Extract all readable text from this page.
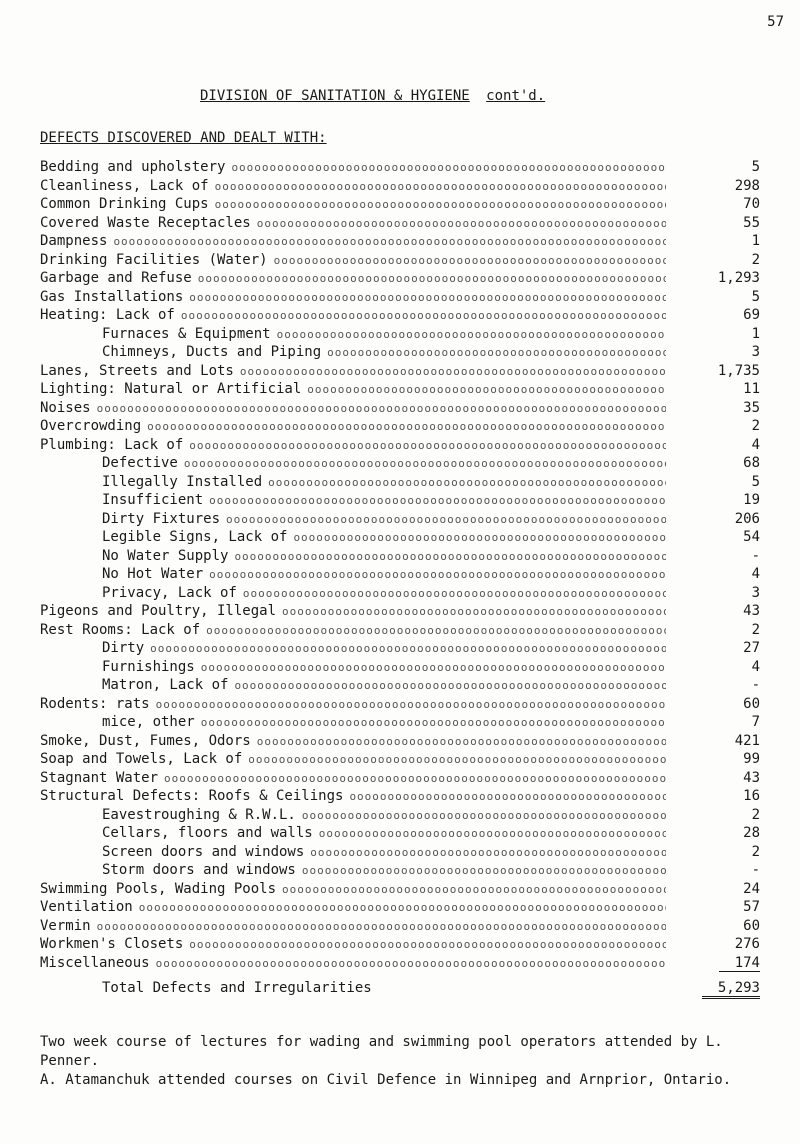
57
DIVISION OF SANITATION & HYGIENE cont'd.
DEFECTS DISCOVERED AND DEALT WITH:
Bedding and upholstery oooooooooooooooooooooooooooooooooooooooooooooooooooooooooooooooooooooooooooooooooooooooooooooooooooooooooooooooooooooo	5
Cleanliness, Lack of oooooooooooooooooooooooooooooooooooooooooooooooooooooooooooooooooooooooooooooooooooooooooooooooooooooooooooooooooooooo	298
Common Drinking Cups oooooooooooooooooooooooooooooooooooooooooooooooooooooooooooooooooooooooooooooooooooooooooooooooooooooooooooooooooooooo	70
Covered Waste Receptacles oooooooooooooooooooooooooooooooooooooooooooooooooooooooooooooooooooooooooooooooooooooooooooooooooooooooooooooooooooooo	55
Dampness oooooooooooooooooooooooooooooooooooooooooooooooooooooooooooooooooooooooooooooooooooooooooooooooooooooooooooooooooooooo	1
Drinking Facilities (Water) oooooooooooooooooooooooooooooooooooooooooooooooooooooooooooooooooooooooooooooooooooooooooooooooooooooooooooooooooooooo	2
Garbage and Refuse oooooooooooooooooooooooooooooooooooooooooooooooooooooooooooooooooooooooooooooooooooooooooooooooooooooooooooooooooooooo	1,293
Gas Installations oooooooooooooooooooooooooooooooooooooooooooooooooooooooooooooooooooooooooooooooooooooooooooooooooooooooooooooooooooooo	5
Heating: Lack of oooooooooooooooooooooooooooooooooooooooooooooooooooooooooooooooooooooooooooooooooooooooooooooooooooooooooooooooooooooo	69
Furnaces & Equipment oooooooooooooooooooooooooooooooooooooooooooooooooooooooooooooooooooooooooooooooooooooooooooooooooooooooooooooooooooooo	1
Chimneys, Ducts and Piping oooooooooooooooooooooooooooooooooooooooooooooooooooooooooooooooooooooooooooooooooooooooooooooooooooooooooooooooooooooo	3
Lanes, Streets and Lots oooooooooooooooooooooooooooooooooooooooooooooooooooooooooooooooooooooooooooooooooooooooooooooooooooooooooooooooooooooo	1,735
Lighting: Natural or Artificial oooooooooooooooooooooooooooooooooooooooooooooooooooooooooooooooooooooooooooooooooooooooooooooooooooooooooooooooooooooo	11
Noises oooooooooooooooooooooooooooooooooooooooooooooooooooooooooooooooooooooooooooooooooooooooooooooooooooooooooooooooooooooo	35
Overcrowding oooooooooooooooooooooooooooooooooooooooooooooooooooooooooooooooooooooooooooooooooooooooooooooooooooooooooooooooooooooo	2
Plumbing: Lack of oooooooooooooooooooooooooooooooooooooooooooooooooooooooooooooooooooooooooooooooooooooooooooooooooooooooooooooooooooooo	4
Defective oooooooooooooooooooooooooooooooooooooooooooooooooooooooooooooooooooooooooooooooooooooooooooooooooooooooooooooooooooooo	68
Illegally Installed oooooooooooooooooooooooooooooooooooooooooooooooooooooooooooooooooooooooooooooooooooooooooooooooooooooooooooooooooooooo	5
Insufficient oooooooooooooooooooooooooooooooooooooooooooooooooooooooooooooooooooooooooooooooooooooooooooooooooooooooooooooooooooooo	19
Dirty Fixtures oooooooooooooooooooooooooooooooooooooooooooooooooooooooooooooooooooooooooooooooooooooooooooooooooooooooooooooooooooooo	206
Legible Signs, Lack of oooooooooooooooooooooooooooooooooooooooooooooooooooooooooooooooooooooooooooooooooooooooooooooooooooooooooooooooooooooo	54
No Water Supply oooooooooooooooooooooooooooooooooooooooooooooooooooooooooooooooooooooooooooooooooooooooooooooooooooooooooooooooooooooo	-
No Hot Water oooooooooooooooooooooooooooooooooooooooooooooooooooooooooooooooooooooooooooooooooooooooooooooooooooooooooooooooooooooo	4
Privacy, Lack of oooooooooooooooooooooooooooooooooooooooooooooooooooooooooooooooooooooooooooooooooooooooooooooooooooooooooooooooooooooo	3
Pigeons and Poultry, Illegal oooooooooooooooooooooooooooooooooooooooooooooooooooooooooooooooooooooooooooooooooooooooooooooooooooooooooooooooooooooo	43
Rest Rooms: Lack of oooooooooooooooooooooooooooooooooooooooooooooooooooooooooooooooooooooooooooooooooooooooooooooooooooooooooooooooooooooo	2
Dirty oooooooooooooooooooooooooooooooooooooooooooooooooooooooooooooooooooooooooooooooooooooooooooooooooooooooooooooooooooooo	27
Furnishings oooooooooooooooooooooooooooooooooooooooooooooooooooooooooooooooooooooooooooooooooooooooooooooooooooooooooooooooooooooo	4
Matron, Lack of oooooooooooooooooooooooooooooooooooooooooooooooooooooooooooooooooooooooooooooooooooooooooooooooooooooooooooooooooooooo	-
Rodents: rats oooooooooooooooooooooooooooooooooooooooooooooooooooooooooooooooooooooooooooooooooooooooooooooooooooooooooooooooooooooo	60
mice, other oooooooooooooooooooooooooooooooooooooooooooooooooooooooooooooooooooooooooooooooooooooooooooooooooooooooooooooooooooooo	7
Smoke, Dust, Fumes, Odors oooooooooooooooooooooooooooooooooooooooooooooooooooooooooooooooooooooooooooooooooooooooooooooooooooooooooooooooooooooo	421
Soap and Towels, Lack of oooooooooooooooooooooooooooooooooooooooooooooooooooooooooooooooooooooooooooooooooooooooooooooooooooooooooooooooooooooo	99
Stagnant Water oooooooooooooooooooooooooooooooooooooooooooooooooooooooooooooooooooooooooooooooooooooooooooooooooooooooooooooooooooooo	43
Structural Defects: Roofs & Ceilings oooooooooooooooooooooooooooooooooooooooooooooooooooooooooooooooooooooooooooooooooooooooooooooooooooooooooooooooooooooo	16
Eavestroughing & R.W.L. oooooooooooooooooooooooooooooooooooooooooooooooooooooooooooooooooooooooooooooooooooooooooooooooooooooooooooooooooooooo	2
Cellars, floors and walls oooooooooooooooooooooooooooooooooooooooooooooooooooooooooooooooooooooooooooooooooooooooooooooooooooooooooooooooooooooo	28
Screen doors and windows oooooooooooooooooooooooooooooooooooooooooooooooooooooooooooooooooooooooooooooooooooooooooooooooooooooooooooooooooooooo	2
Storm doors and windows oooooooooooooooooooooooooooooooooooooooooooooooooooooooooooooooooooooooooooooooooooooooooooooooooooooooooooooooooooooo	-
Swimming Pools, Wading Pools oooooooooooooooooooooooooooooooooooooooooooooooooooooooooooooooooooooooooooooooooooooooooooooooooooooooooooooooooooooo	24
Ventilation oooooooooooooooooooooooooooooooooooooooooooooooooooooooooooooooooooooooooooooooooooooooooooooooooooooooooooooooooooooo	57
Vermin oooooooooooooooooooooooooooooooooooooooooooooooooooooooooooooooooooooooooooooooooooooooooooooooooooooooooooooooooooooo	60
Workmen's Closets oooooooooooooooooooooooooooooooooooooooooooooooooooooooooooooooooooooooooooooooooooooooooooooooooooooooooooooooooooooo	276
Miscellaneous oooooooooooooooooooooooooooooooooooooooooooooooooooooooooooooooooooooooooooooooooooooooooooooooooooooooooooooooooooooo	174
Total Defects and Irregularities	5,293

Two week course of lectures for wading and swimming pool operators attended by L. Penner.

A. Atamanchuk attended courses on Civil Defence in Winnipeg and Arnprior, Ontario.
